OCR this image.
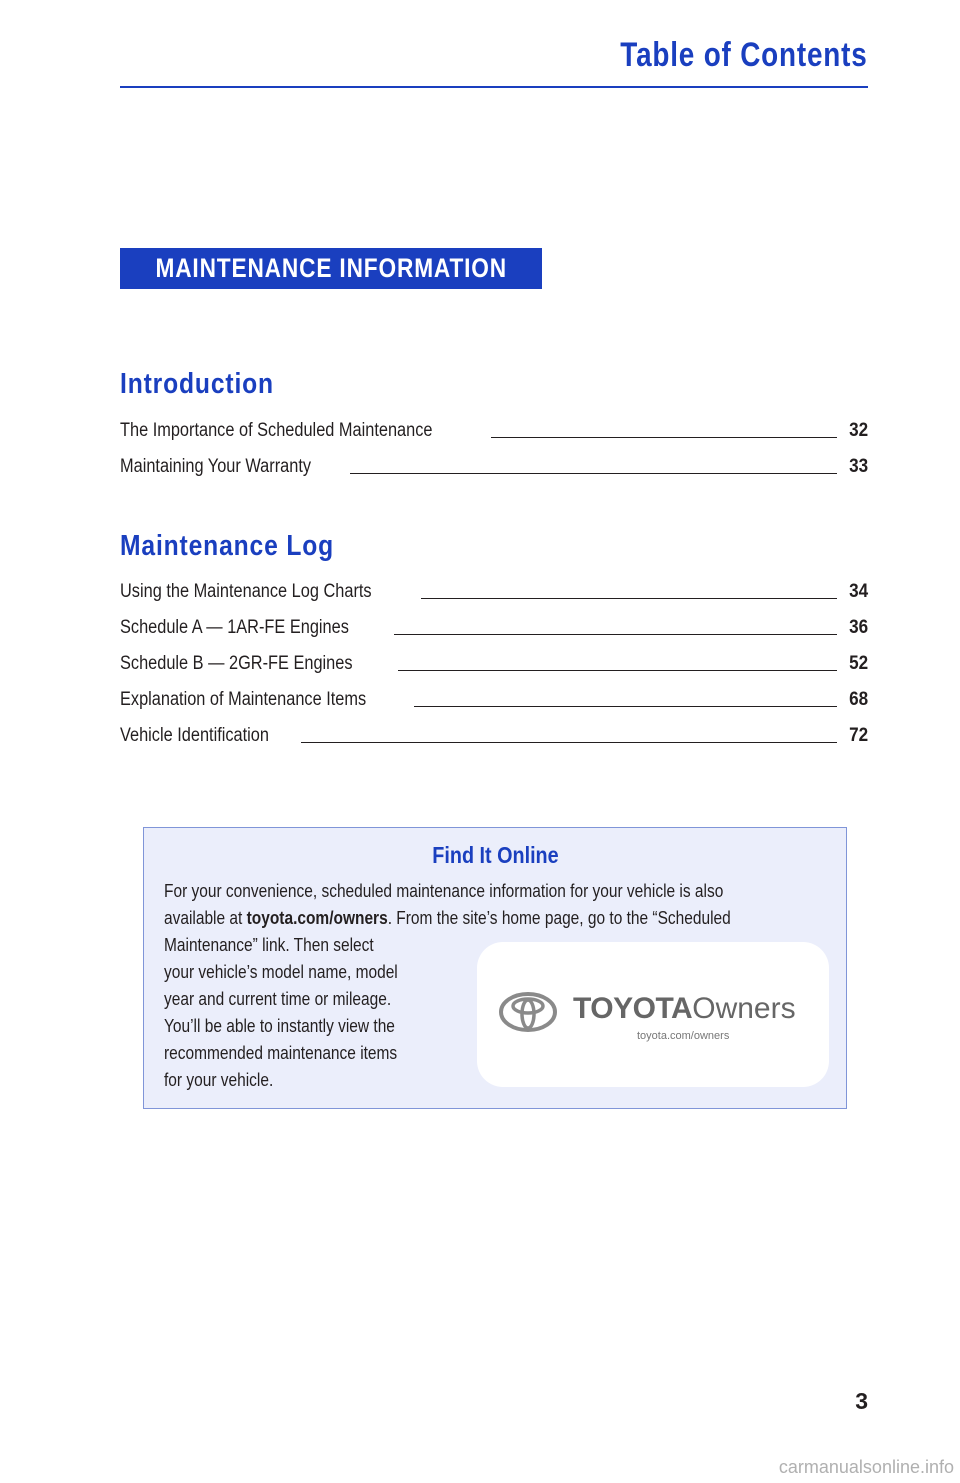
Table of Contents
MAINTENANCE INFORMATION
Introduction
The Importance of Scheduled Maintenance	32
Maintaining Your Warranty	33
Maintenance Log
Using the Maintenance Log Charts	34
Schedule A — 1AR-FE Engines	36
Schedule B — 2GR-FE Engines	52
Explanation of Maintenance Items	68
Vehicle Identification	72
Find It Online
For your convenience, scheduled maintenance information for your vehicle is also
available at toyota.com/owners. From the site’s home page, go to the “Scheduled
Maintenance” link. Then select
your vehicle’s model name, model
year and current time or mileage.
You’ll be able to instantly view the
recommended maintenance items
for your vehicle.
TOYOTAOwners
toyota.com/owners
3
carmanualsonline.info
